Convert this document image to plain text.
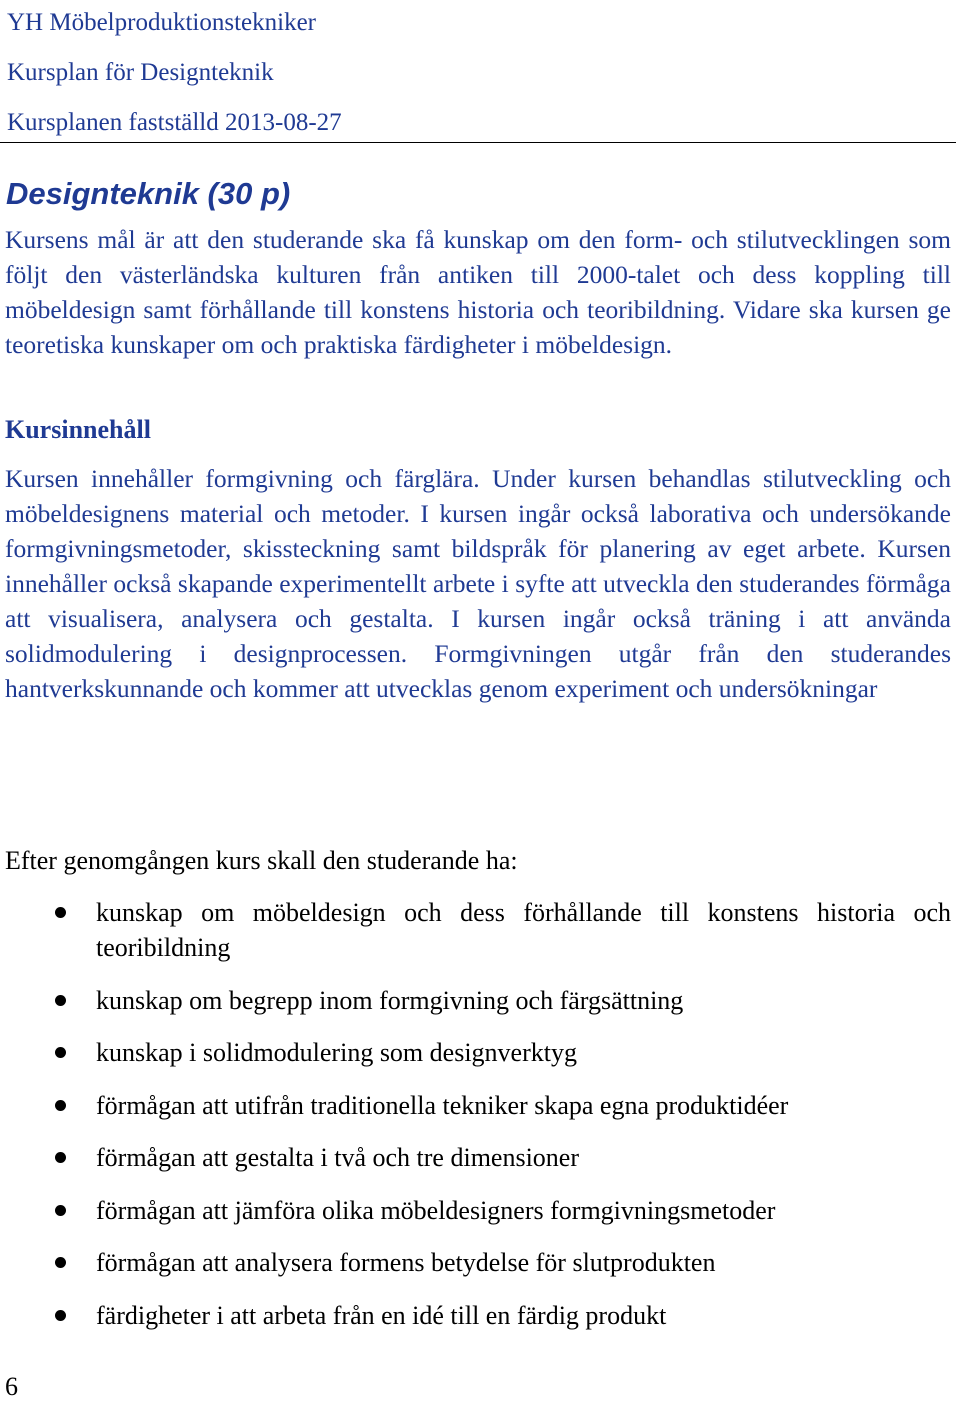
YH Möbelproduktionstekniker
Kursplan för Designteknik
Kursplanen fastställd 2013-08-27
Designteknik (30 p)
Kursens mål är att den studerande ska få kunskap om den form- och stilutvecklingen som följt den västerländska kulturen från antiken till 2000-talet och dess koppling till möbeldesign samt förhållande till konstens historia och teoribildning. Vidare ska kursen ge teoretiska kunskaper om och praktiska färdigheter i möbeldesign.
Kursinnehåll
Kursen innehåller formgivning och färglära. Under kursen behandlas stilutveckling och möbeldesignens material och metoder. I kursen ingår också laborativa och undersökande formgivningsmetoder, skissteckning samt bildspråk för planering av eget arbete. Kursen innehåller också skapande experimentellt arbete i syfte att utveckla den studerandes förmåga att visualisera, analysera och gestalta. I kursen ingår också träning i att använda solidmodulering i designprocessen. Formgivningen utgår från den studerandes hantverkskunnande och kommer att utvecklas genom experiment och undersökningar
Efter genomgången kurs skall den studerande ha:
kunskap om möbeldesign och dess förhållande till konstens historia och teoribildning
kunskap om begrepp inom formgivning och färgsättning
kunskap i solidmodulering som designverktyg
förmågan att utifrån traditionella tekniker skapa egna produktidéer
förmågan att gestalta i två och tre dimensioner
förmågan att jämföra olika möbeldesigners formgivningsmetoder
förmågan att analysera formens betydelse för slutprodukten
färdigheter i att arbeta från en idé till en färdig produkt
6
